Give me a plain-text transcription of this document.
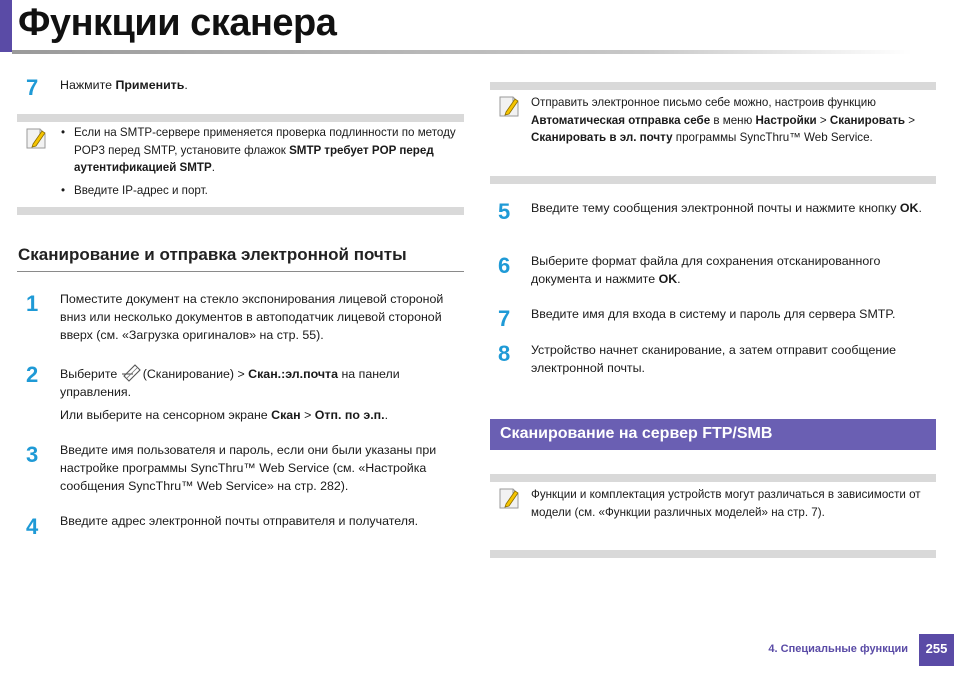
Функции сканера
7 Нажмите Применить.
• Если на SMTP-сервере применяется проверка подлинности по методу POP3 перед SMTP, установите флажок SMTP требует POP перед аутентификацией SMTP.
• Введите IP-адрес и порт.
Сканирование и отправка электронной почты
1 Поместите документ на стекло экспонирования лицевой стороной вниз или несколько документов в автоподатчик лицевой стороной вверх (см. «Загрузка оригиналов» на стр. 55).
2 Выберите (Сканирование) > Скан.:эл.почта на панели управления.
Или выберите на сенсорном экране Скан > Отп. по э.п..
3 Введите имя пользователя и пароль, если они были указаны при настройке программы SyncThru™ Web Service (см. «Настройка сообщения SyncThru™ Web Service» на стр. 282).
4 Введите адрес электронной почты отправителя и получателя.
Отправить электронное письмо себе можно, настроив функцию Автоматическая отправка себе в меню Настройки > Сканировать > Сканировать в эл. почту программы SyncThru™ Web Service.
5 Введите тему сообщения электронной почты и нажмите кнопку OK.
6 Выберите формат файла для сохранения отсканированного документа и нажмите OK.
7 Введите имя для входа в систему и пароль для сервера SMTP.
8 Устройство начнет сканирование, а затем отправит сообщение электронной почты.
Сканирование на сервер FTP/SMB
Функции и комплектация устройств могут различаться в зависимости от модели (см. «Функции различных моделей» на стр. 7).
4. Специальные функции	255
